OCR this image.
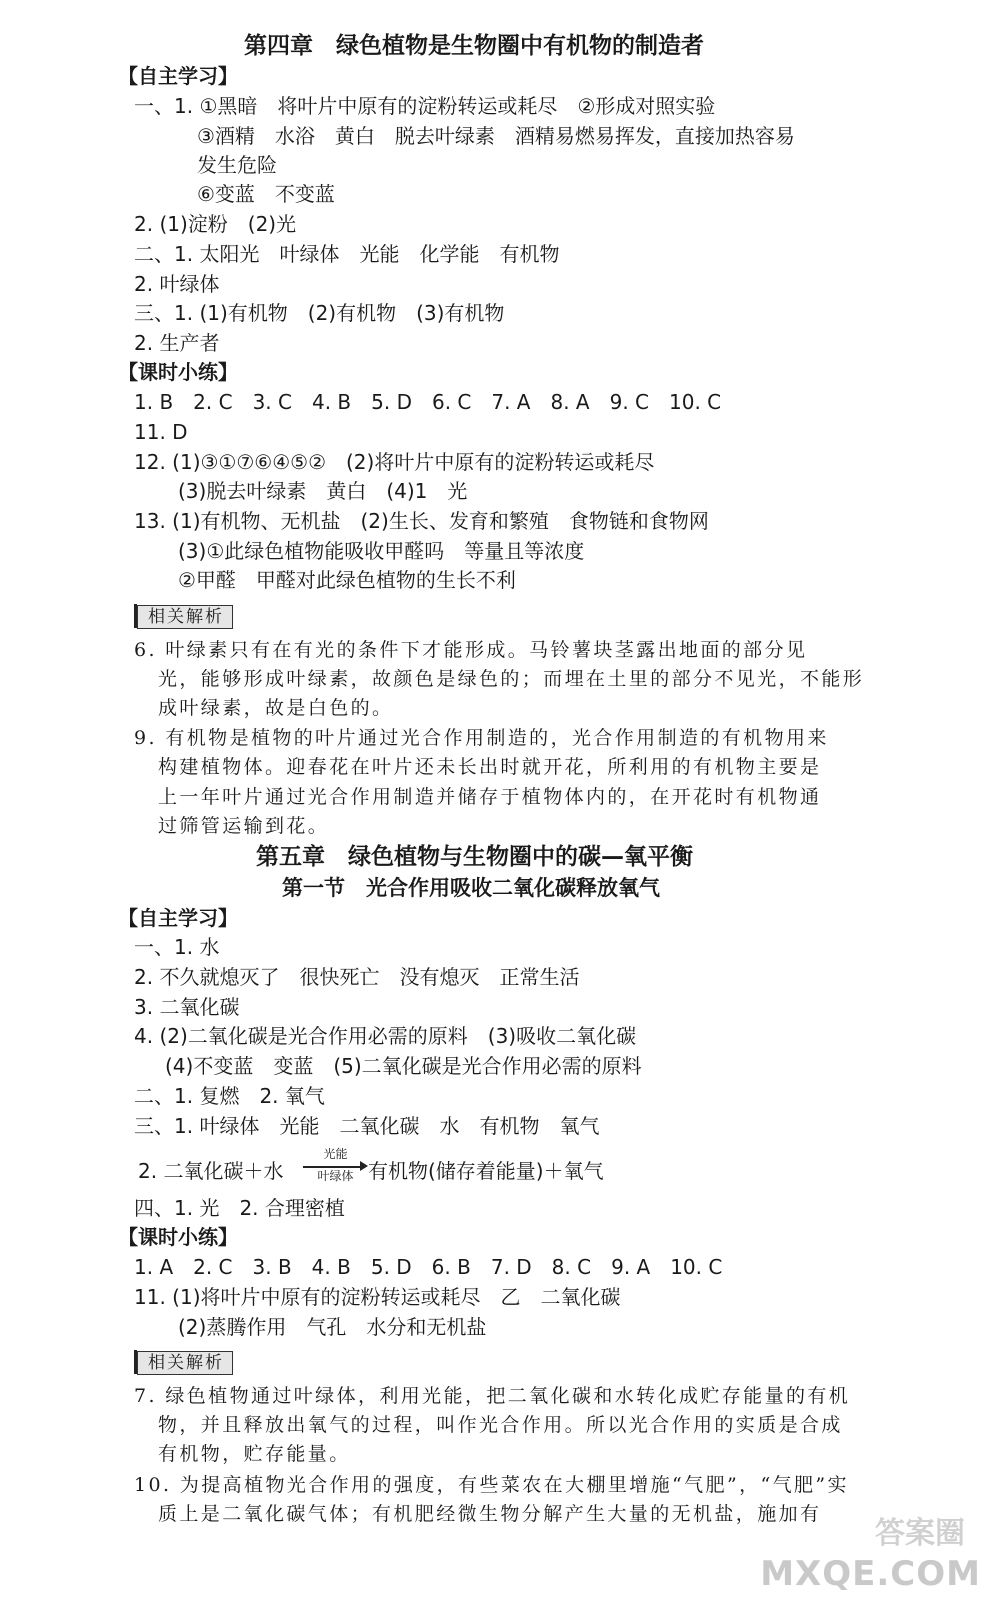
第四章　绿色植物是生物圈中有机物的制造者
【自主学习】
一、1. ①黑暗　将叶片中原有的淀粉转运或耗尽　②形成对照实验
③酒精　水浴　黄白　脱去叶绿素　酒精易燃易挥发，直接加热容易
发生危险
⑥变蓝　不变蓝
2. (1)淀粉　(2)光
二、1. 太阳光　叶绿体　光能　化学能　有机物
2. 叶绿体
三、1. (1)有机物　(2)有机物　(3)有机物
2. 生产者
【课时小练】
1. B　2. C　3. C　4. B　5. D　6. C　7. A　8. A　9. C　10. C
11. D
12. (1)③①⑦⑥④⑤②　(2)将叶片中原有的淀粉转运或耗尽
(3)脱去叶绿素　黄白　(4)1　光
13. (1)有机物、无机盐　(2)生长、发育和繁殖　食物链和食物网
(3)①此绿色植物能吸收甲醛吗　等量且等浓度
②甲醛　甲醛对此绿色植物的生长不利
相关解析
6. 叶绿素只有在有光的条件下才能形成。马铃薯块茎露出地面的部分见
光，能够形成叶绿素，故颜色是绿色的；而埋在土里的部分不见光，不能形
成叶绿素，故是白色的。
9. 有机物是植物的叶片通过光合作用制造的，光合作用制造的有机物用来
构建植物体。迎春花在叶片还未长出时就开花，所利用的有机物主要是
上一年叶片通过光合作用制造并储存于植物体内的，在开花时有机物通
过筛管运输到花。
第五章　绿色植物与生物圈中的碳—氧平衡
第一节　光合作用吸收二氧化碳释放氧气
【自主学习】
一、1. 水
2. 不久就熄灭了　很快死亡　没有熄灭　正常生活
3. 二氧化碳
4. (2)二氧化碳是光合作用必需的原料　(3)吸收二氧化碳
(4)不变蓝　变蓝　(5)二氧化碳是光合作用必需的原料
二、1. 复燃　2. 氧气
三、1. 叶绿体　光能　二氧化碳　水　有机物　氧气
2. 二氧化碳＋水
光能
叶绿体 有机物(储存着能量)＋氧气
四、1. 光　2. 合理密植
【课时小练】
1. A　2. C　3. B　4. B　5. D　6. B　7. D　8. C　9. A　10. C
11. (1)将叶片中原有的淀粉转运或耗尽　乙　二氧化碳
(2)蒸腾作用　气孔　水分和无机盐
相关解析
7. 绿色植物通过叶绿体，利用光能，把二氧化碳和水转化成贮存能量的有机
物，并且释放出氧气的过程，叫作光合作用。所以光合作用的实质是合成
有机物，贮存能量。
10. 为提高植物光合作用的强度，有些菜农在大棚里增施“气肥”，“气肥”实
质上是二氧化碳气体；有机肥经微生物分解产生大量的无机盐，施加有
答案圈
MXQE.COM
